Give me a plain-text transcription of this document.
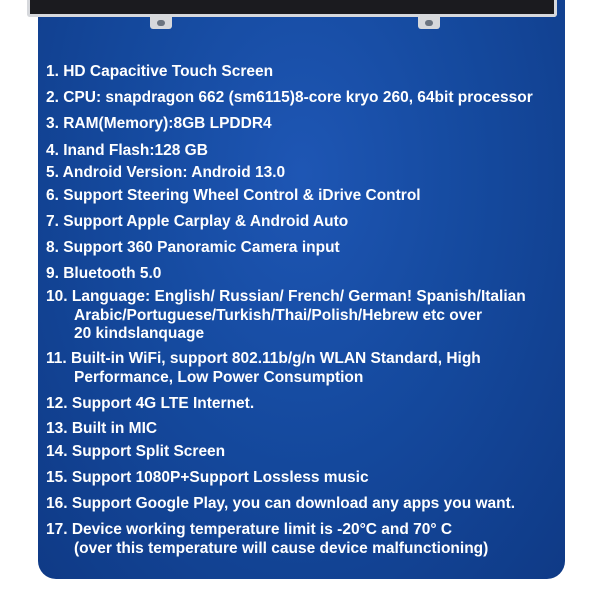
1. HD Capacitive Touch Screen
2. CPU: snapdragon 662 (sm6115)8-core kryo 260, 64bit processor
3. RAM(Memory):8GB LPDDR4
4. Inand Flash:128 GB
5. Android Version: Android 13.0
6. Support Steering Wheel Control & iDrive Control
7. Support Apple Carplay & Android Auto
8. Support 360 Panoramic Camera input
9. Bluetooth 5.0
10. Language: English/ Russian/ French/ German! Spanish/Italian
Arabic/Portuguese/Turkish/Thai/Polish/Hebrew etc over
20 kindslanquage
11. Built-in WiFi, support 802.11b/g/n WLAN Standard, High
Performance, Low Power Consumption
12. Support 4G LTE Internet.
13. Built in MIC
14. Support Split Screen
15. Support 1080P+Support Lossless music
16. Support Google Play, you can download any apps you want.
17. Device working temperature limit is -20°C and 70° C
(over this temperature will cause device malfunctioning)
